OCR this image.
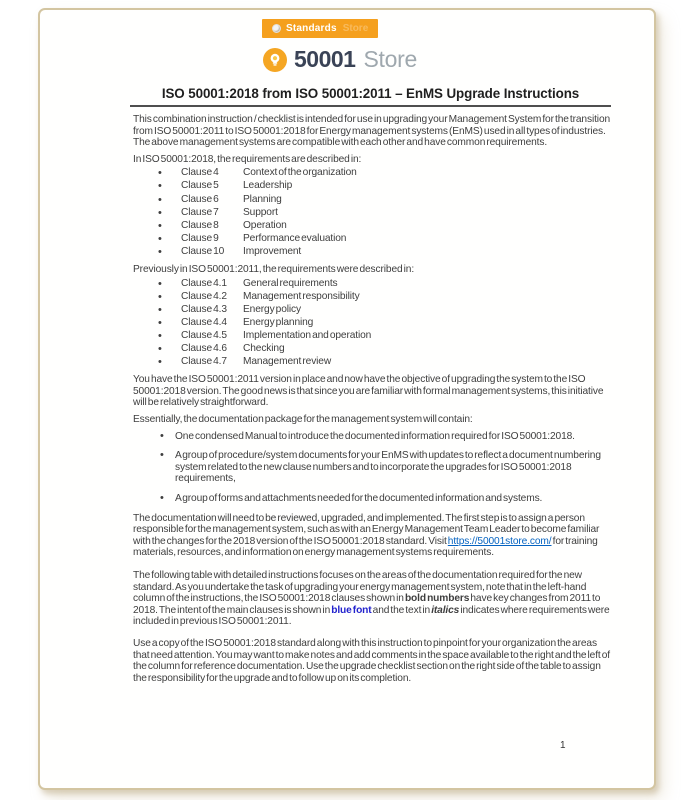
Standards Store
50001 Store
ISO 50001:2018 from ISO 50001:2011 – EnMS Upgrade Instructions

This combination instruction / checklist is intended for use in upgrading your Management System for the transition from ISO 50001:2011 to ISO 50001:2018 for Energy management systems (EnMS) used in all types of industries. The above management systems are compatible with each other and have common requirements.

In ISO 50001:2018, the requirements are described in:

•
Clause 4	Context of the organization
•
Clause 5	Leadership
•
Clause 6	Planning
•
Clause 7	Support
•
Clause 8	Operation
•
Clause 9	Performance evaluation
•
Clause 10	Improvement

Previously in ISO 50001:2011, the requirements were described in:

•
Clause 4.1	General requirements
•
Clause 4.2	Management responsibility
•
Clause 4.3	Energy policy
•
Clause 4.4	Energy planning
•
Clause 4.5	Implementation and operation
•
Clause 4.6	Checking
•
Clause 4.7	Management review

You have the ISO 50001:2011 version in place and now have the objective of upgrading the system to the ISO 50001:2018 version. The good news is that since you are familiar with formal management systems, this initiative will be relatively straightforward.

Essentially, the documentation package for the management system will contain:

• One condensed Manual to introduce the documented information required for ISO 50001:2018.
• A group of procedure/system documents for your EnMS with updates to reflect a document numbering system related to the new clause numbers and to incorporate the upgrades for ISO 50001:2018 requirements,
• A group of forms and attachments needed for the documented information and systems.

The documentation will need to be reviewed, upgraded, and implemented. The first step is to assign a person responsible for the management system, such as with an Energy Management Team Leader to become familiar with the changes for the 2018 version of the ISO 50001:2018 standard. Visit https://50001store.com/ for training materials, resources, and information on energy management systems requirements.

The following table with detailed instructions focuses on the areas of the documentation required for the new standard. As you undertake the task of upgrading your energy management system, note that in the left-hand column of the instructions, the ISO 50001:2018 clauses shown in bold numbers have key changes from 2011 to 2018. The intent of the main clauses is shown in blue font and the text in italics indicates where requirements were included in previous ISO 50001:2011.

Use a copy of the ISO 50001:2018 standard along with this instruction to pinpoint for your organization the areas that need attention. You may want to make notes and add comments in the space available to the right and the left of the column for reference documentation. Use the upgrade checklist section on the right side of the table to assign the responsibility for the upgrade and to follow up on its completion.

1
